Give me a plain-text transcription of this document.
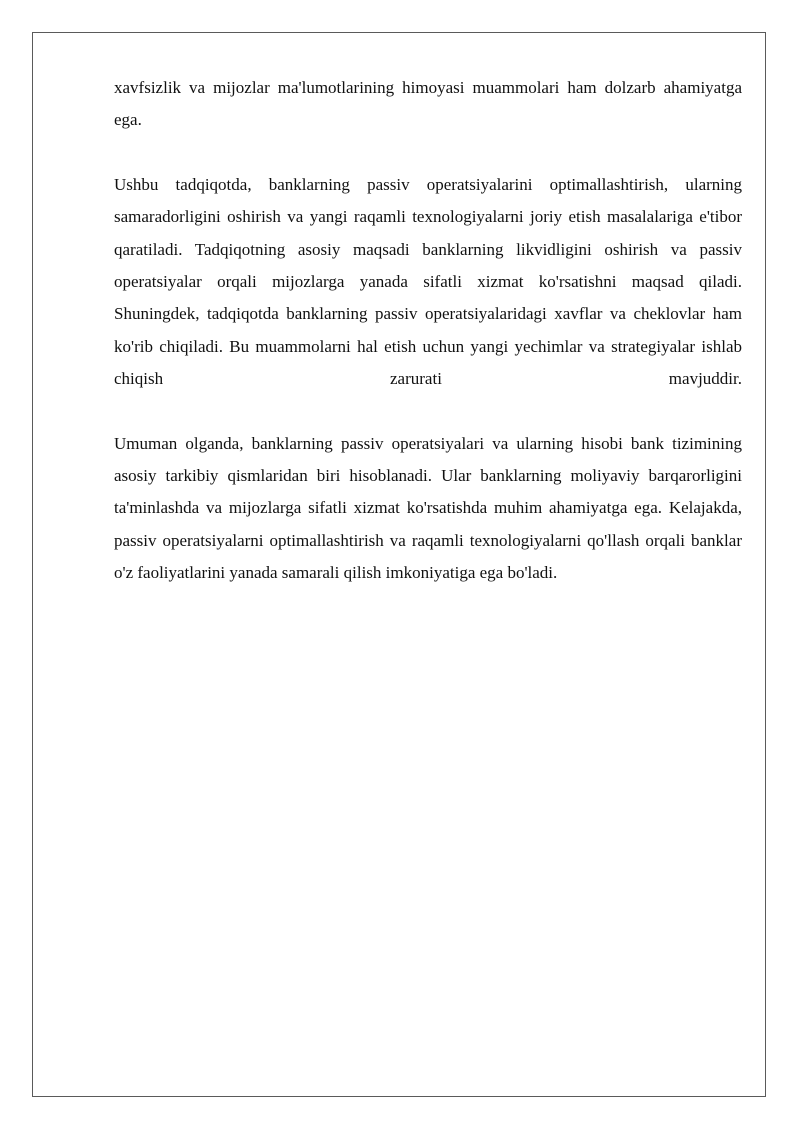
xavfsizlik va mijozlar ma'lumotlarining himoyasi muammolari ham dolzarb ahamiyatga ega.

Ushbu tadqiqotda, banklarning passiv operatsiyalarini optimallashtirish, ularning samaradorligini oshirish va yangi raqamli texnologiyalarni joriy etish masalalariga e'tibor qaratiladi. Tadqiqotning asosiy maqsadi banklarning likvidligini oshirish va passiv operatsiyalar orqali mijozlarga yanada sifatli xizmat ko'rsatishni maqsad qiladi. Shuningdek, tadqiqotda banklarning passiv operatsiyalaridagi xavflar va cheklovlar ham ko'rib chiqiladi. Bu muammolarni hal etish uchun yangi yechimlar va strategiyalar ishlab chiqish zarurati mavjuddir.

Umuman olganda, banklarning passiv operatsiyalari va ularning hisobi bank tizimining asosiy tarkibiy qismlaridan biri hisoblanadi. Ular banklarning moliyaviy barqarorligini ta'minlashda va mijozlarga sifatli xizmat ko'rsatishda muhim ahamiyatga ega. Kelajakda, passiv operatsiyalarni optimallashtirish va raqamli texnologiyalarni qo'llash orqali banklar o'z faoliyatlarini yanada samarali qilish imkoniyatiga ega bo'ladi.
